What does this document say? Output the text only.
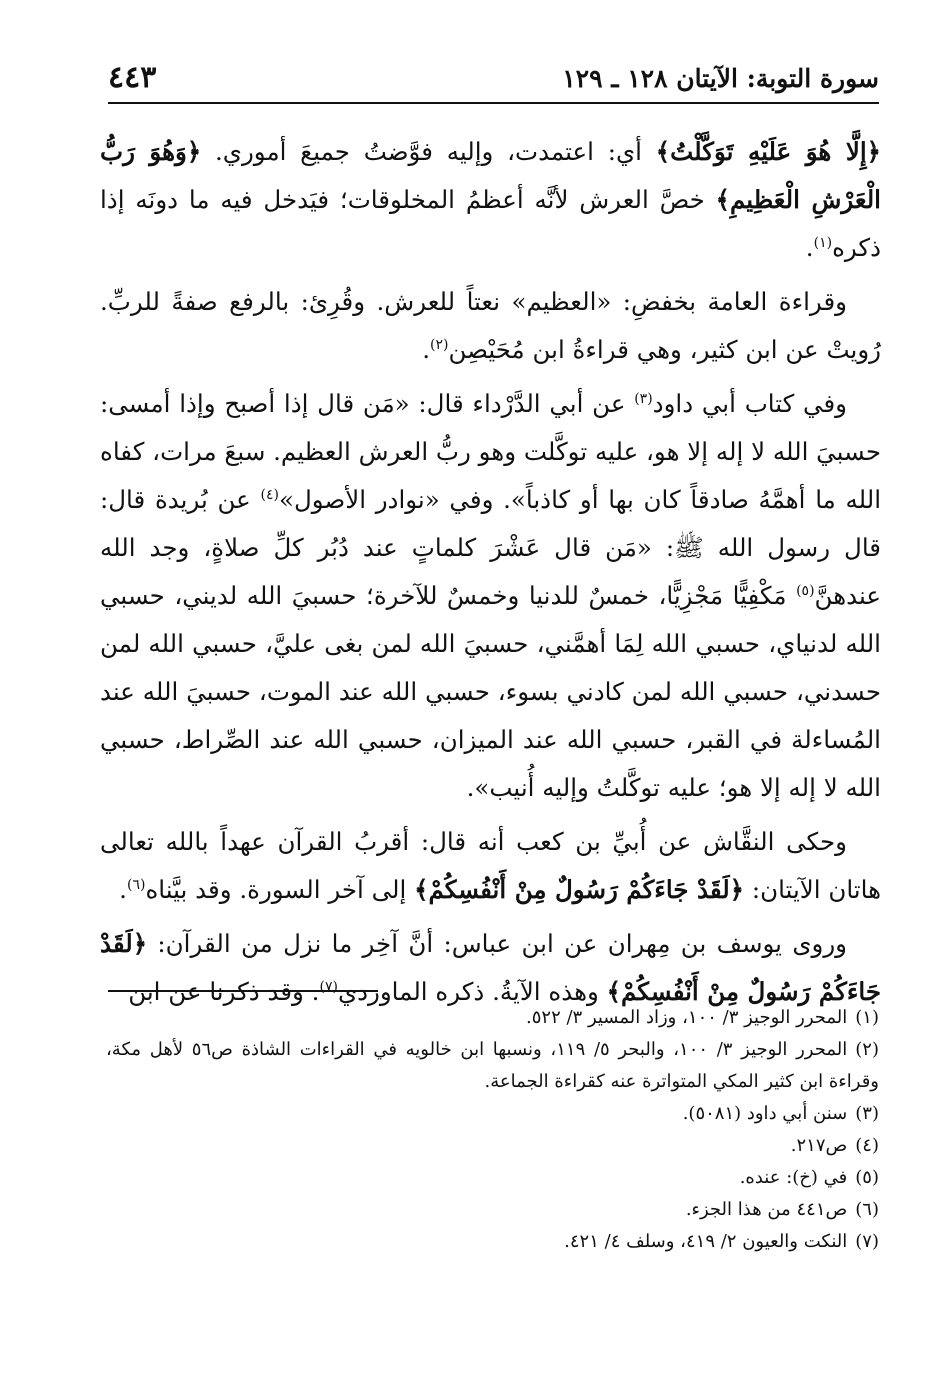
سورة التوبة: الآيتان ١٢٨ ـ ١٢٩
٤٤٣

﴿إِلَّا هُوَ عَلَيْهِ تَوَكَّلْتُ﴾ أي: اعتمدت، وإليه فوَّضتُ جميعَ أموري. ﴿وَهُوَ رَبُّ الْعَرْشِ الْعَظِيمِ﴾ خصَّ العرش لأنَّه أعظمُ المخلوقات؛ فيَدخل فيه ما دونَه إذا ذكره$^{(١)}$.

وقراءة العامة بخفضِ: «العظيم» نعتاً للعرش. وقُرِئ: بالرفع صفةً للربِّ. رُويتْ عن ابن كثير، وهي قراءةُ ابن مُحَيْصِن$^{(٢)}$.

وفي كتاب أبي داود$^{(٣)}$ عن أبي الدَّرْداء قال: «مَن قال إذا أصبح وإذا أمسى: حسبيَ الله لا إله إلا هو، عليه توكَّلت وهو ربُّ العرش العظيم. سبعَ مرات، كفاه الله ما أهمَّهُ صادقاً كان بها أو كاذباً». وفي «نوادر الأصول»$^{(٤)}$ عن بُريدة قال: قال رسول الله ﷺ: «مَن قال عَشْرَ كلماتٍ عند دُبُر كلِّ صلاةٍ، وجد الله عندهنَّ$^{(٥)}$ مَكْفِيًّا مَجْزِيًّا، خمسٌ للدنيا وخمسٌ للآخرة؛ حسبيَ الله لديني، حسبي الله لدنياي، حسبي الله لِمَا أهمَّني، حسبيَ الله لمن بغى عليَّ، حسبي الله لمن حسدني، حسبي الله لمن كادني بسوء، حسبي الله عند الموت، حسبيَ الله عند المُساءلة في القبر، حسبي الله عند الميزان، حسبي الله عند الصِّراط، حسبي الله لا إله إلا هو؛ عليه توكَّلتُ وإليه أُنيب».

وحكى النقَّاش عن أُبيِّ بن كعب أنه قال: أقربُ القرآن عهداً بالله تعالى هاتان الآيتان: ﴿لَقَدْ جَاءَكُمْ رَسُولٌ مِنْ أَنْفُسِكُمْ﴾ إلى آخر السورة. وقد بيَّناه$^{(٦)}$.

وروى يوسف بن مِهران عن ابن عباس: أنَّ آخِر ما نزل من القرآن: ﴿لَقَدْ جَاءَكُمْ رَسُولٌ مِنْ أَنْفُسِكُمْ﴾ وهذه الآيةُ. ذكره الماوردي$^{(٧)}$. وقد ذكرنا عن ابن

(١)المحرر الوجيز ٣/ ١٠٠، وزاد المسير ٣/ ٥٢٢.

(٢)المحرر الوجيز ٣/ ١٠٠، والبحر ٥/ ١١٩، ونسبها ابن خالويه في القراءات الشاذة ص٥٦ لأهل مكة، وقراءة ابن كثير المكي المتواترة عنه كقراءة الجماعة.

(٣)سنن أبي داود (٥٠٨١).

(٤)ص٢١٧.

(٥)في (خ): عنده.

(٦)ص٤٤١ من هذا الجزء.

(٧)النكت والعيون ٢/ ٤١٩، وسلف ٤/ ٤٢١.
